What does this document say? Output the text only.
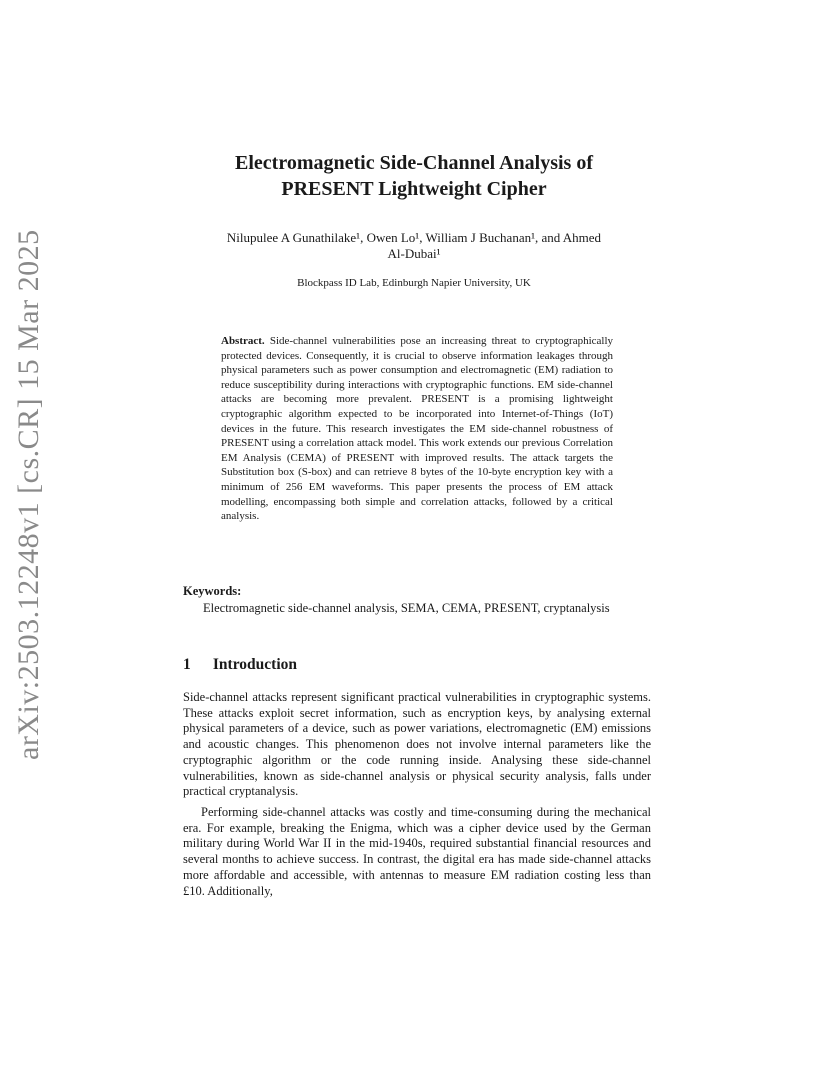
arXiv:2503.12248v1 [cs.CR] 15 Mar 2025
Electromagnetic Side-Channel Analysis of
PRESENT Lightweight Cipher
Nilupulee A Gunathilake¹, Owen Lo¹, William J Buchanan¹, and Ahmed
Al-Dubai¹
Blockpass ID Lab, Edinburgh Napier University, UK
Abstract. Side-channel vulnerabilities pose an increasing threat to cryptographically protected devices. Consequently, it is crucial to observe information leakages through physical parameters such as power consumption and electromagnetic (EM) radiation to reduce susceptibility during interactions with cryptographic functions. EM side-channel attacks are becoming more prevalent. PRESENT is a promising lightweight cryptographic algorithm expected to be incorporated into Internet-of-Things (IoT) devices in the future. This research investigates the EM side-channel robustness of PRESENT using a correlation attack model. This work extends our previous Correlation EM Analysis (CEMA) of PRESENT with improved results. The attack targets the Substitution box (S-box) and can retrieve 8 bytes of the 10-byte encryption key with a minimum of 256 EM waveforms. This paper presents the process of EM attack modelling, encompassing both simple and correlation attacks, followed by a critical analysis.
Keywords:
Electromagnetic side-channel analysis, SEMA, CEMA, PRESENT, cryptanalysis
1 Introduction
Side-channel attacks represent significant practical vulnerabilities in cryptographic systems. These attacks exploit secret information, such as encryption keys, by analysing external physical parameters of a device, such as power variations, electromagnetic (EM) emissions and acoustic changes. This phenomenon does not involve internal parameters like the cryptographic algorithm or the code running inside. Analysing these side-channel vulnerabilities, known as side-channel analysis or physical security analysis, falls under practical cryptanalysis.
Performing side-channel attacks was costly and time-consuming during the mechanical era. For example, breaking the Enigma, which was a cipher device used by the German military during World War II in the mid-1940s, required substantial financial resources and several months to achieve success. In contrast, the digital era has made side-channel attacks more affordable and accessible, with antennas to measure EM radiation costing less than £10. Additionally,
